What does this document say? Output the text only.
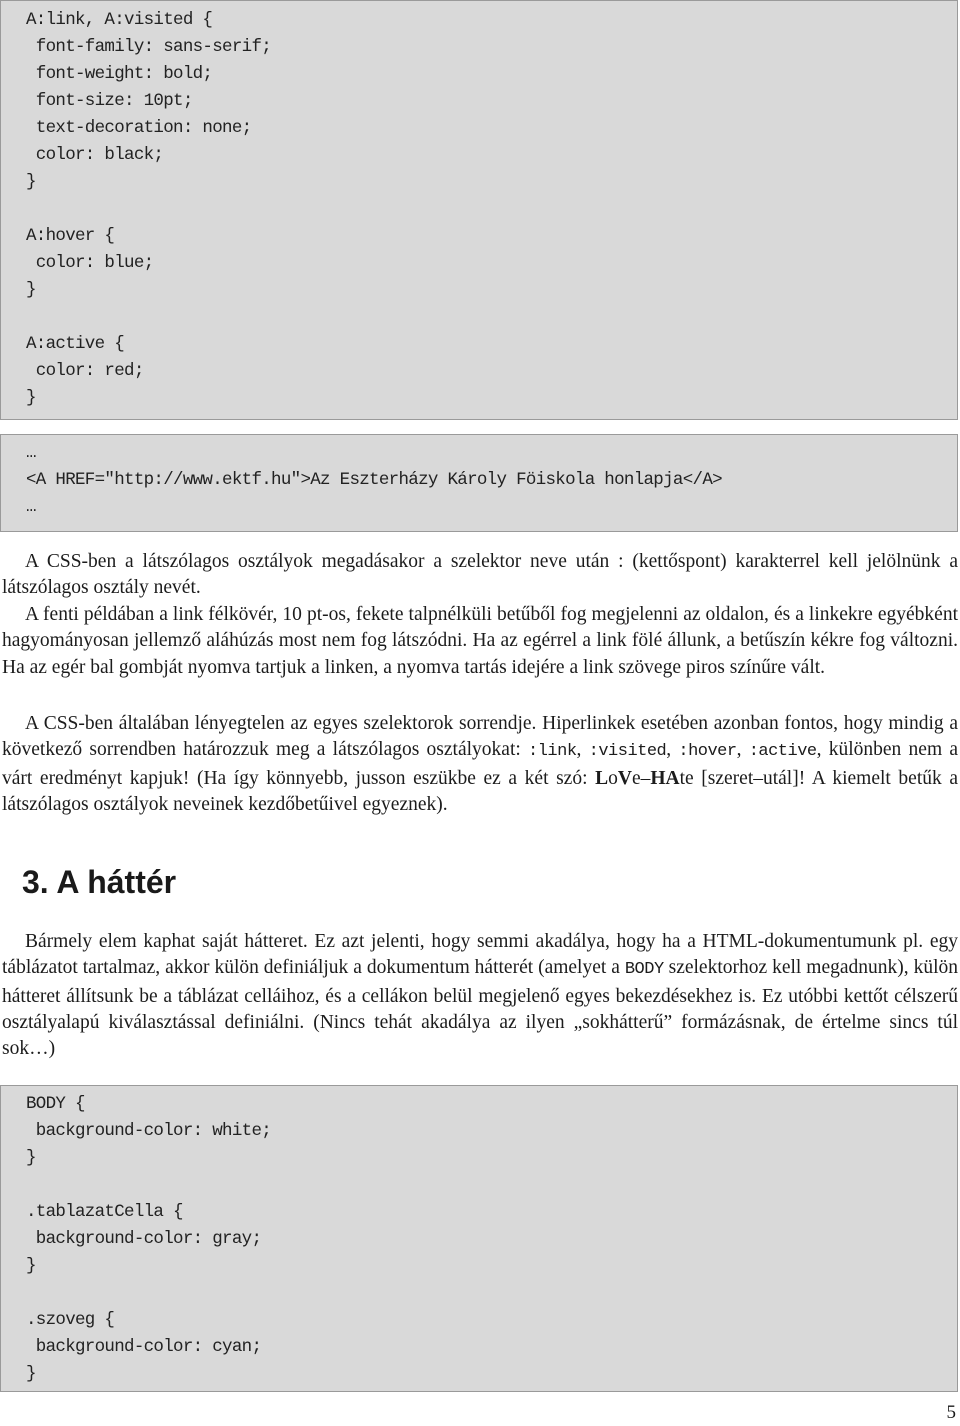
A:link, A:visited {
font-family: sans-serif;
font-weight: bold;
font-size: 10pt;
text-decoration: none;
color: black;
}
A:hover {
color: blue;
}
A:active {
color: red;
}
…
<A HREF="http://www.ektf.hu">Az Eszterházy Károly Föiskola honlapja</A>
…

A CSS-ben a látszólagos osztályok megadásakor a szelektor neve után : (kettőspont) karakterrel kell jelölnünk a látszólagos osztály nevét.

A fenti példában a link félkövér, 10 pt-os, fekete talpnélküli betűből fog megjelenni az oldalon, és a linkekre egyébként hagyományosan jellemző aláhúzás most nem fog látszódni. Ha az egérrel a link fölé állunk, a betűszín kékre fog változni. Ha az egér bal gombját nyomva tartjuk a linken, a nyomva tartás idejére a link szövege piros színűre vált.

A CSS-ben általában lényegtelen az egyes szelektorok sorrendje. Hiperlinkek esetében azonban fontos, hogy mindig a következő sorrendben határozzuk meg a látszólagos osztályokat: :link, :visited, :hover, :active, különben nem a várt eredményt kapjuk! (Ha így könnyebb, jusson eszükbe ez a két szó: LoVe–HAte [szeret–utál]! A kiemelt betűk a látszólagos osztályok neveinek kezdőbetűivel egyeznek).

3. A háttér

Bármely elem kaphat saját hátteret. Ez azt jelenti, hogy semmi akadálya, hogy ha a HTML-dokumentumunk pl. egy táblázatot tartalmaz, akkor külön definiáljuk a dokumentum hátterét (amelyet a BODY szelektorhoz kell megadnunk), külön hátteret állítsunk be a táblázat celláihoz, és a cellákon belül megjelenő egyes bekezdésekhez is. Ez utóbbi kettőt célszerű osztályalapú kiválasztással definiálni. (Nincs tehát akadálya az ilyen „sokhátterű” formázásnak, de értelme sincs túl sok…)

BODY {
background-color: white;
}
.tablazatCella {
background-color: gray;
}
.szoveg {
background-color: cyan;
}
5
